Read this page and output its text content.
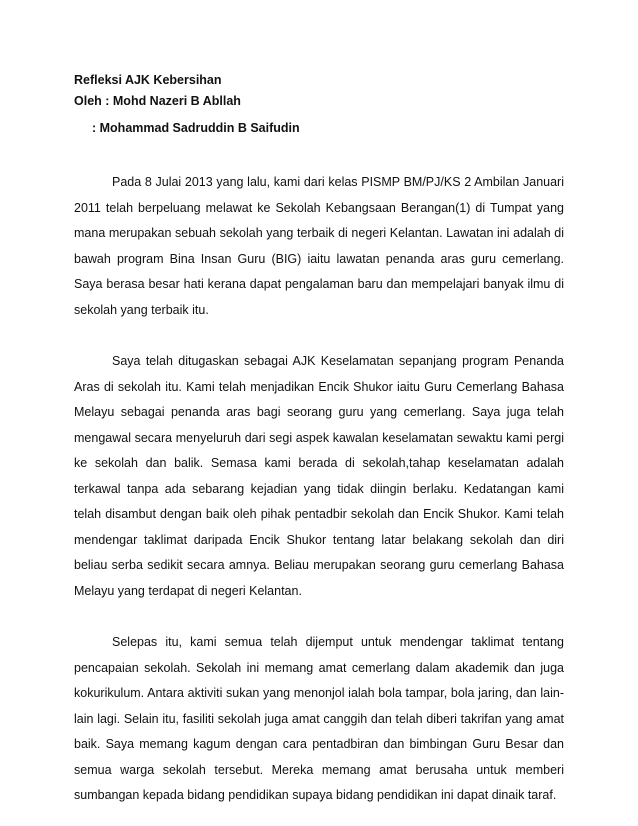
Refleksi AJK Kebersihan

Oleh : Mohd Nazeri B Abllah

: Mohammad Sadruddin B Saifudin

Pada 8 Julai 2013 yang lalu, kami dari kelas PISMP BM/PJ/KS 2 Ambilan Januari 2011 telah berpeluang melawat ke Sekolah Kebangsaan Berangan(1) di Tumpat yang mana merupakan sebuah sekolah yang terbaik di negeri Kelantan. Lawatan ini adalah di bawah program Bina Insan Guru (BIG) iaitu lawatan penanda aras guru cemerlang. Saya berasa besar hati kerana dapat pengalaman baru dan mempelajari banyak ilmu di sekolah yang terbaik itu.

Saya telah ditugaskan sebagai AJK Keselamatan sepanjang program Penanda Aras di sekolah itu. Kami telah menjadikan Encik Shukor iaitu Guru Cemerlang Bahasa Melayu sebagai penanda aras bagi seorang guru yang cemerlang. Saya juga telah mengawal secara menyeluruh dari segi aspek kawalan keselamatan sewaktu kami pergi ke sekolah dan balik. Semasa kami berada di sekolah,tahap keselamatan adalah terkawal tanpa ada sebarang kejadian yang tidak diingin berlaku. Kedatangan kami telah disambut dengan baik oleh pihak pentadbir sekolah dan Encik Shukor. Kami telah mendengar taklimat daripada Encik Shukor tentang latar belakang sekolah dan diri beliau serba sedikit secara amnya. Beliau merupakan seorang guru cemerlang Bahasa Melayu yang terdapat di negeri Kelantan.

Selepas itu, kami semua telah dijemput untuk mendengar taklimat tentang pencapaian sekolah. Sekolah ini memang amat cemerlang dalam akademik dan juga kokurikulum. Antara aktiviti sukan yang menonjol ialah bola tampar, bola jaring, dan lain-lain lagi. Selain itu, fasiliti sekolah juga amat canggih dan telah diberi takrifan yang amat baik. Saya memang kagum dengan cara pentadbiran dan bimbingan Guru Besar dan semua warga sekolah tersebut. Mereka memang amat berusaha untuk memberi sumbangan kepada bidang pendidikan supaya bidang pendidikan ini dapat dinaik taraf.
